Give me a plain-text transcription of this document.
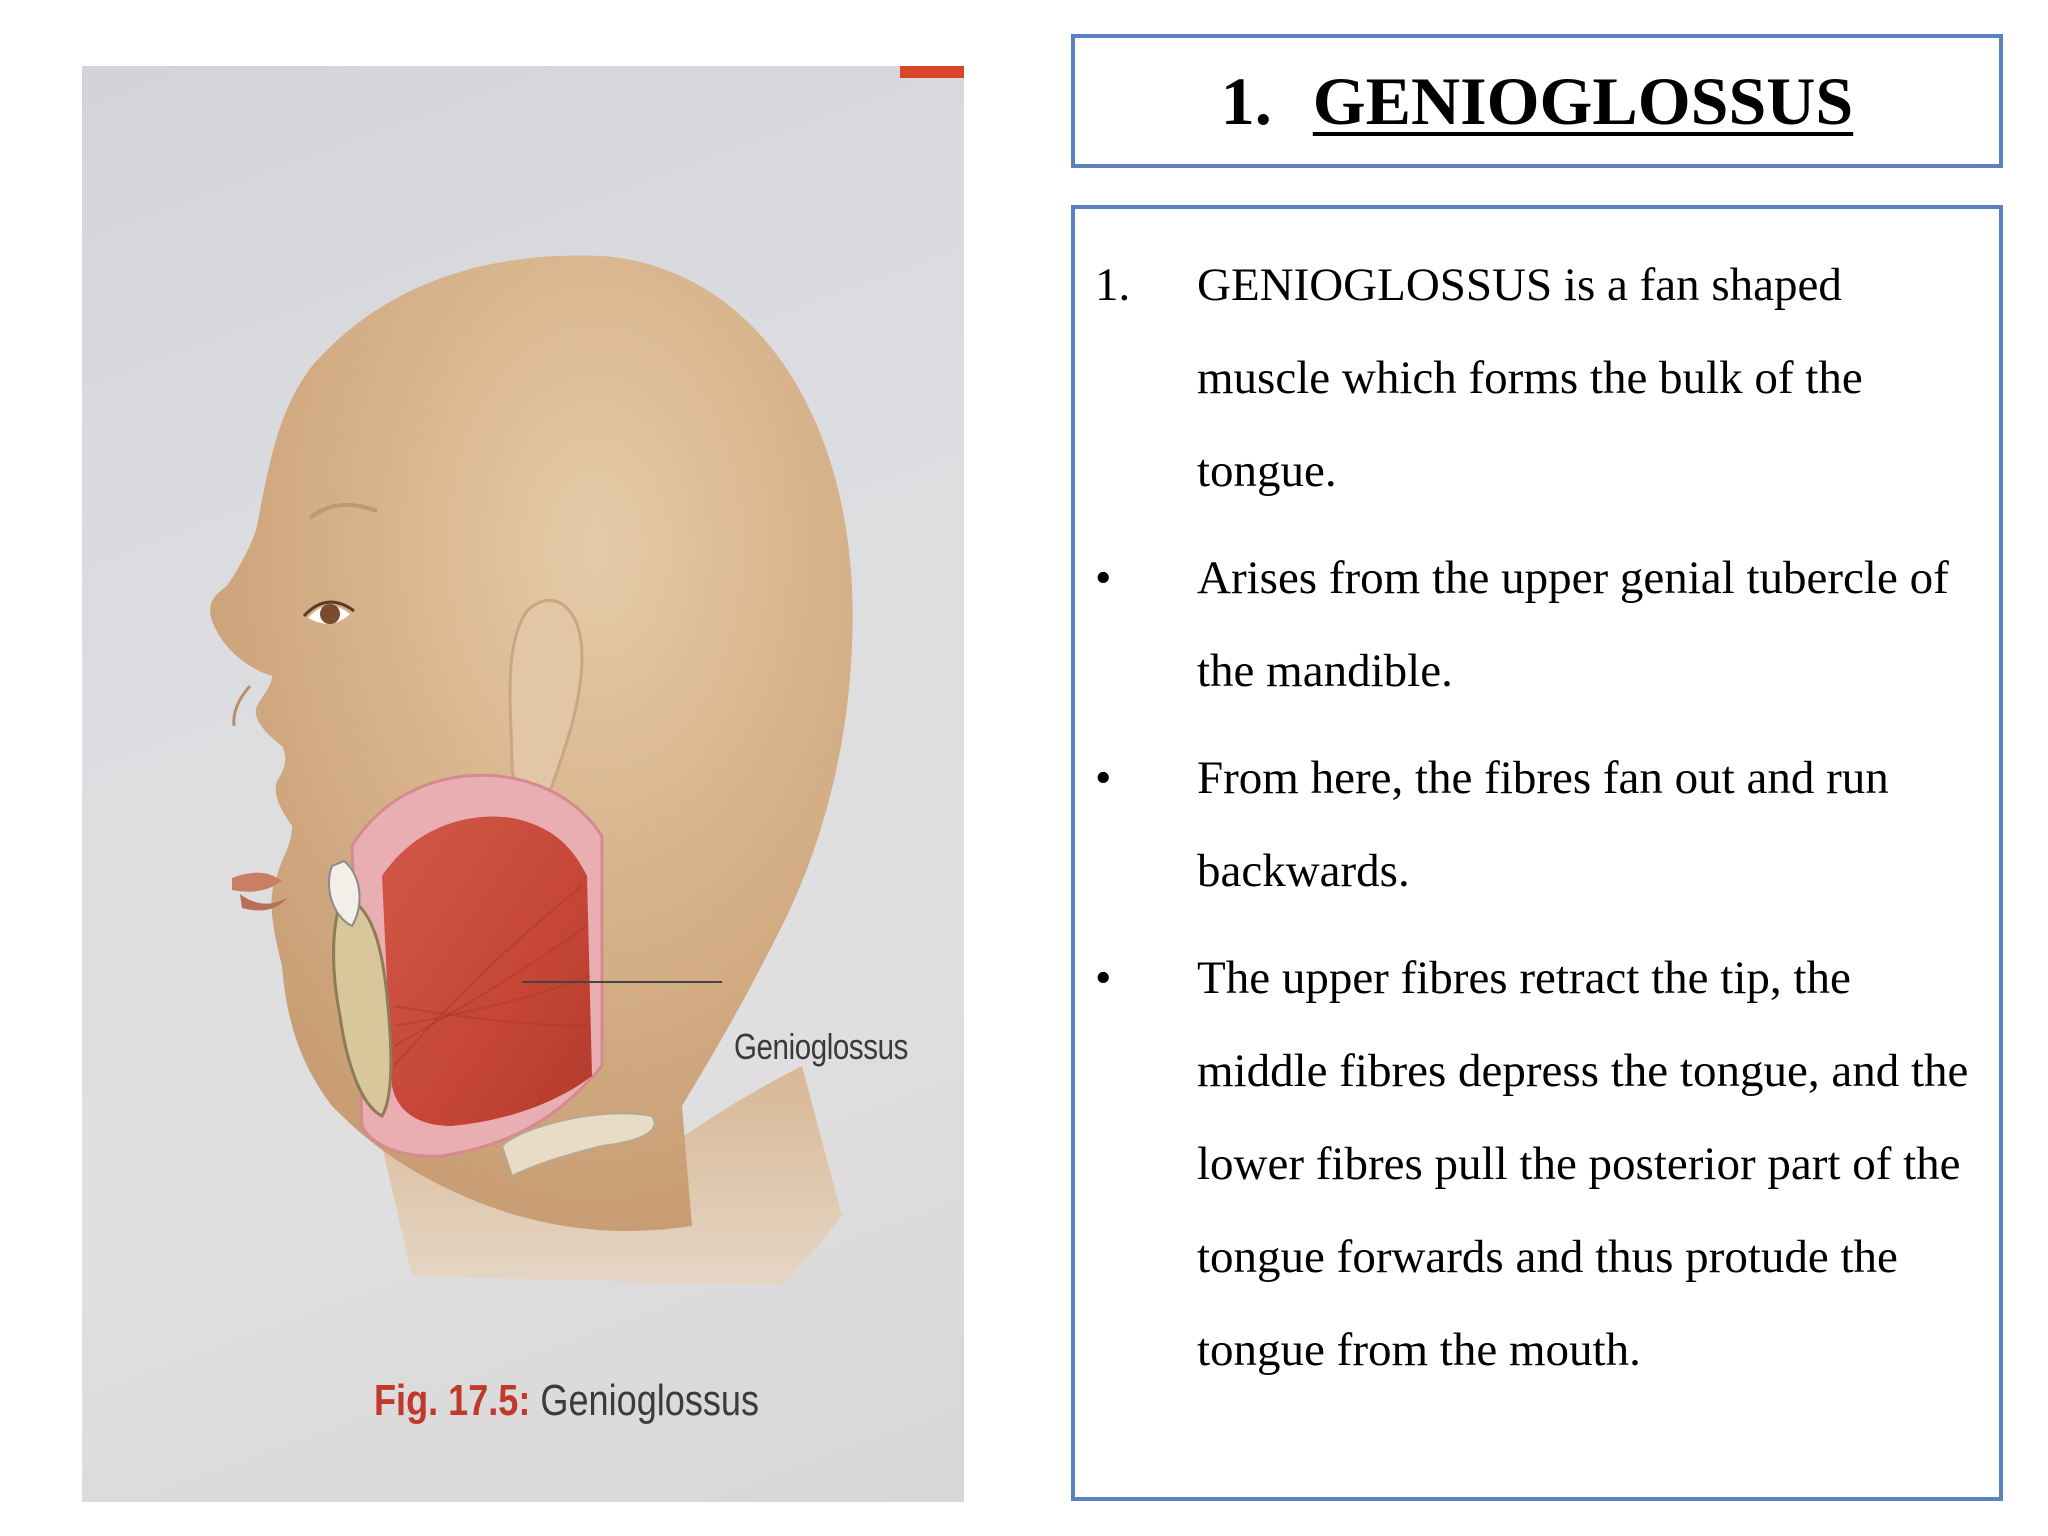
Genioglossus
Fig. 17.5: Genioglossus
1. GENIOGLOSSUS
1.	GENIOGLOSSUS is a fan shaped muscle which forms the bulk of the tongue.
•	Arises from the upper genial tubercle of the mandible.
•	From here, the fibres fan out and run backwards.
•	The upper fibres retract the tip, the middle fibres depress the tongue, and the lower fibres pull the posterior part of the tongue forwards and thus protude the tongue from the mouth.
